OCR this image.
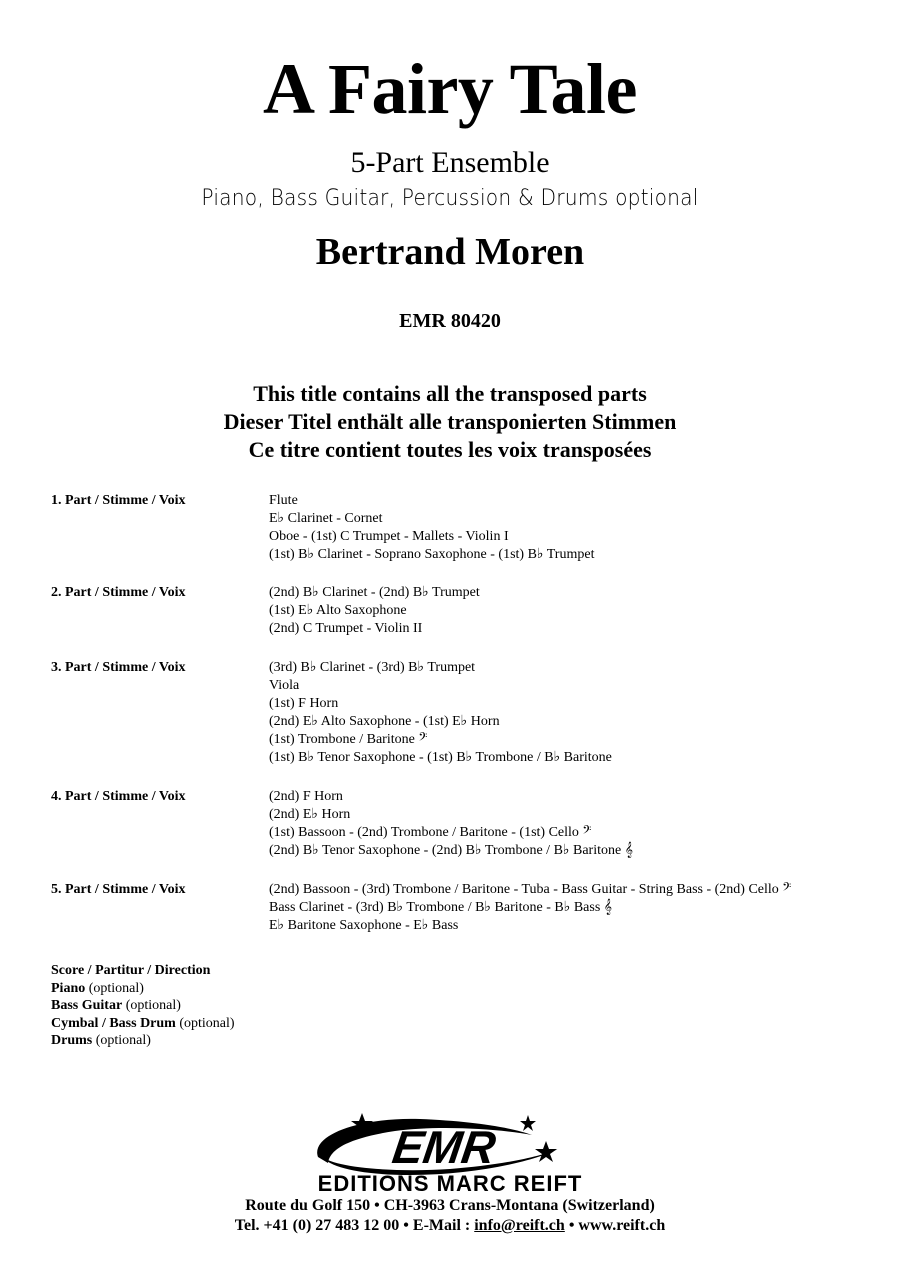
A Fairy Tale
5-Part Ensemble
Piano, Bass Guitar, Percussion & Drums optional
Bertrand Moren
EMR 80420
This title contains all the transposed parts
Dieser Titel enthält alle transponierten Stimmen
Ce titre contient toutes les voix transposées
1. Part / Stimme / Voix	Flute
E♭ Clarinet - Cornet
Oboe - (1st) C Trumpet - Mallets - Violin I
(1st) B♭ Clarinet - Soprano Saxophone - (1st) B♭ Trumpet
2. Part / Stimme / Voix	(2nd) B♭ Clarinet - (2nd) B♭ Trumpet
(1st) E♭ Alto Saxophone
(2nd) C Trumpet - Violin II
3. Part / Stimme / Voix	(3rd) B♭ Clarinet - (3rd) B♭ Trumpet
Viola
(1st) F Horn
(2nd) E♭ Alto Saxophone - (1st) E♭ Horn
(1st) Trombone / Baritone 𝄢
(1st) B♭ Tenor Saxophone - (1st) B♭ Trombone / B♭ Baritone
4. Part / Stimme / Voix	(2nd) F Horn
(2nd) E♭ Horn
(1st) Bassoon - (2nd) Trombone / Baritone - (1st) Cello 𝄢
(2nd) B♭ Tenor Saxophone - (2nd) B♭ Trombone / B♭ Baritone 𝄞
5. Part / Stimme / Voix	(2nd) Bassoon - (3rd) Trombone / Baritone - Tuba - Bass Guitar - String Bass - (2nd) Cello 𝄢
Bass Clarinet - (3rd) B♭ Trombone / B♭ Baritone - B♭ Bass 𝄞
E♭ Baritone Saxophone - E♭ Bass
Score / Partitur / Direction
Piano (optional)
Bass Guitar (optional)
Cymbal / Bass Drum (optional)
Drums (optional)
EMR
EDITIONS MARC REIFT
Route du Golf 150 • CH-3963 Crans-Montana (Switzerland)
Tel. +41 (0) 27 483 12 00 • E-Mail : info@reift.ch • www.reift.ch
